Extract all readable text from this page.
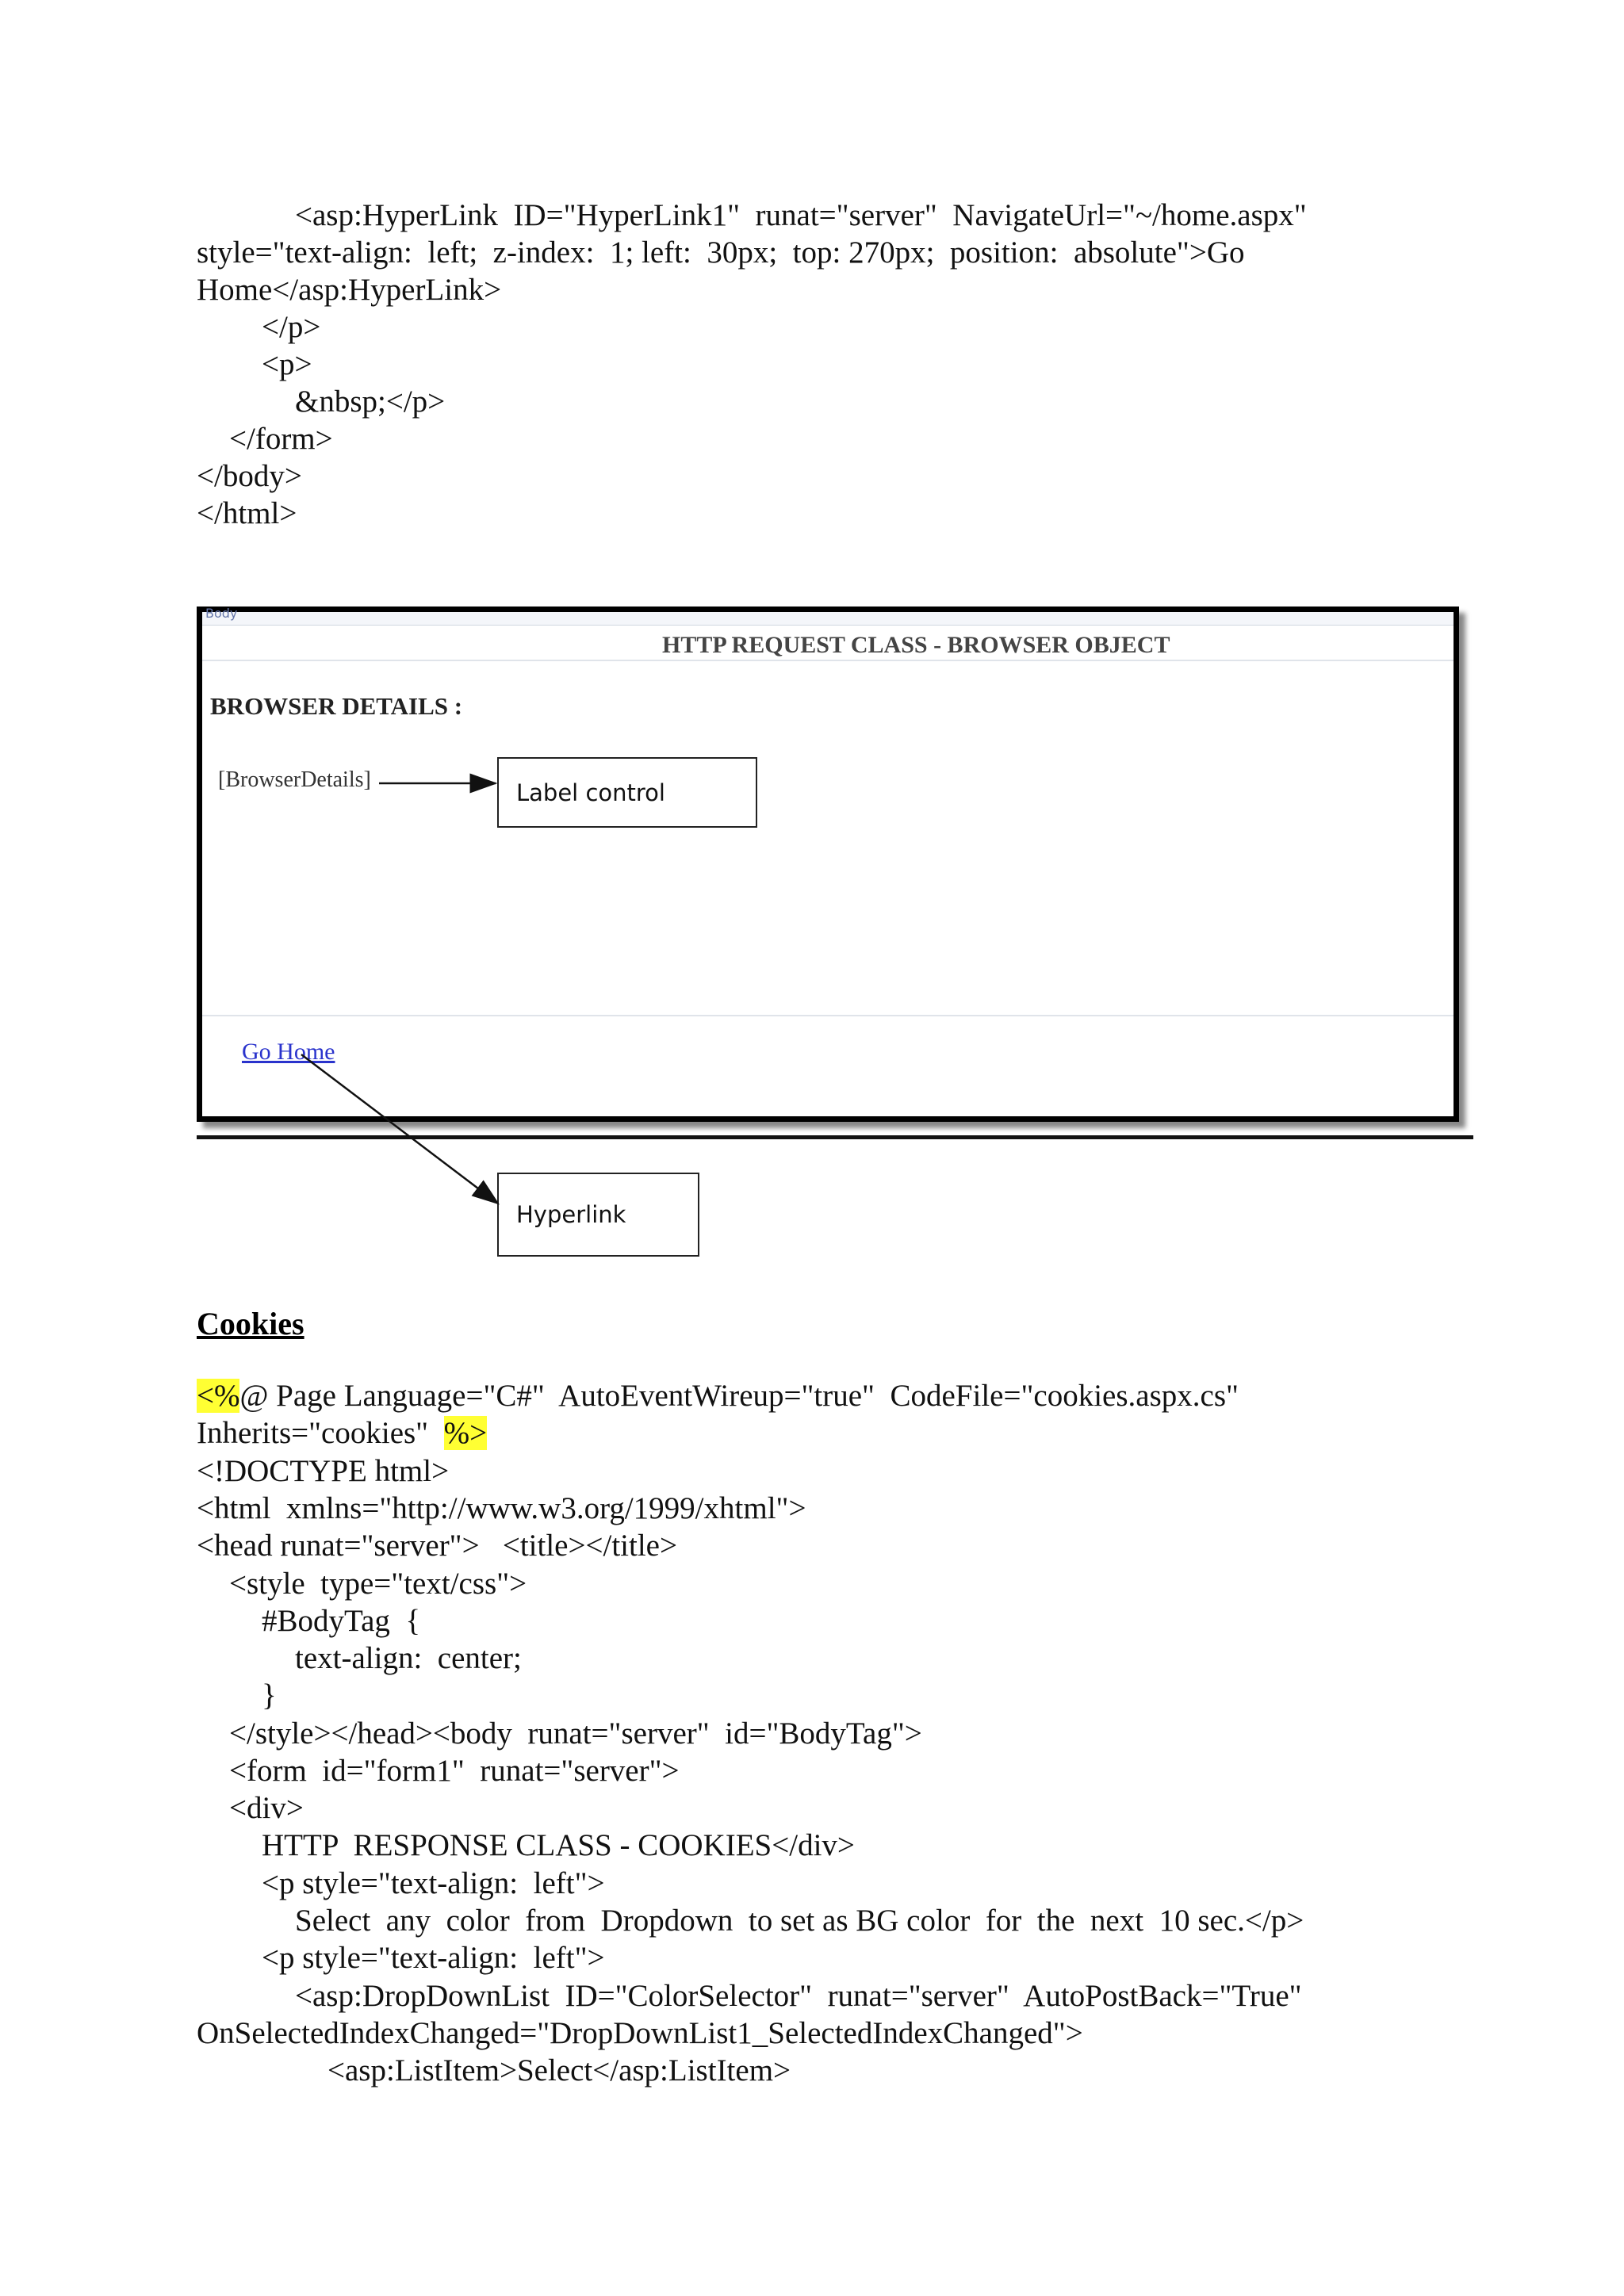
<asp:HyperLink  ID="HyperLink1"  runat="server"  NavigateUrl="~/home.aspx"
style="text-align:  left;  z-index:  1; left:  30px;  top: 270px;  position:  absolute">Go
Home</asp:HyperLink>
</p>
<p>
&nbsp;</p>
</form>
</body>
</html>
Body
HTTP REQUEST CLASS - BROWSER OBJECT
BROWSER DETAILS :
[BrowserDetails]
Go Home
Label control
Hyperlink
Cookies
<%@ Page Language="C#"  AutoEventWireup="true"  CodeFile="cookies.aspx.cs"
Inherits="cookies"  %>
<!DOCTYPE html>
<html  xmlns="http://www.w3.org/1999/xhtml">
<head runat="server">   <title></title>
<style  type="text/css">
#BodyTag  {
text-align:  center;
}
</style></head><body  runat="server"  id="BodyTag">
<form  id="form1"  runat="server">
<div>
HTTP  RESPONSE CLASS - COOKIES</div>
<p style="text-align:  left">
Select  any  color  from  Dropdown  to set as BG color  for  the  next  10 sec.</p>
<p style="text-align:  left">
<asp:DropDownList  ID="ColorSelector"  runat="server"  AutoPostBack="True"
OnSelectedIndexChanged="DropDownList1_SelectedIndexChanged">
<asp:ListItem>Select</asp:ListItem>
